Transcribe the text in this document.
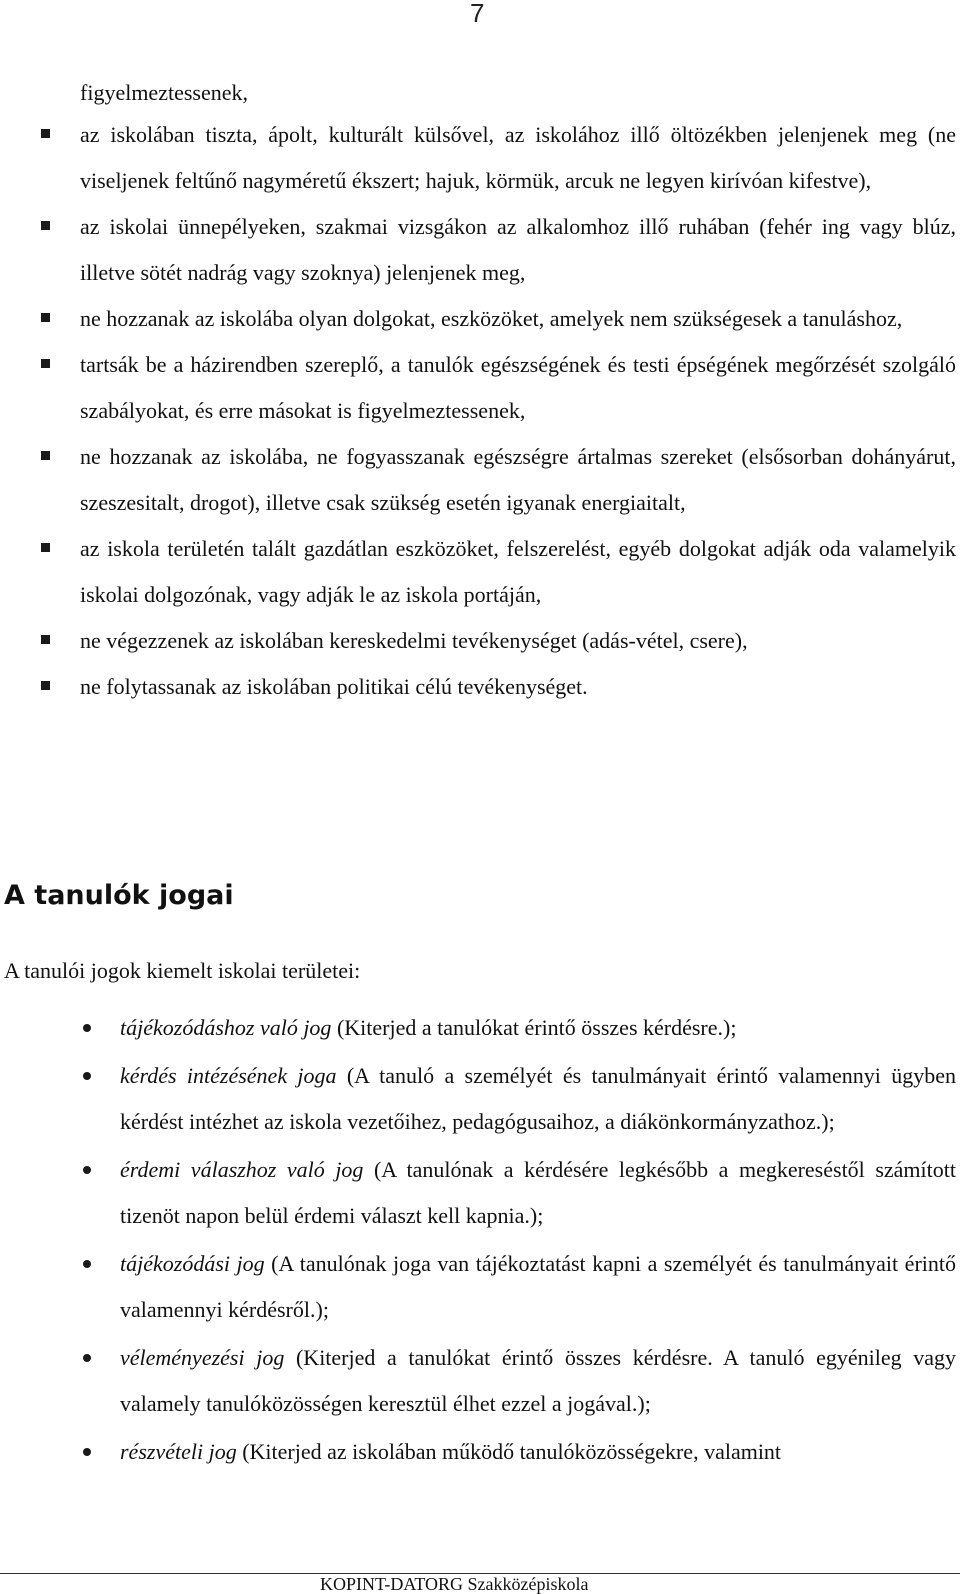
7
figyelmeztessenek,
az iskolában tiszta, ápolt, kulturált külsővel, az iskolához illő öltözékben jelenjenek meg (ne viseljenek feltűnő nagyméretű ékszert; hajuk, körmük, arcuk ne legyen kirívóan kifestve),
az iskolai ünnepélyeken, szakmai vizsgákon az alkalomhoz illő ruhában (fehér ing vagy blúz, illetve sötét nadrág vagy szoknya) jelenjenek meg,
ne hozzanak az iskolába olyan dolgokat, eszközöket, amelyek nem szükségesek a tanuláshoz,
tartsák be a házirendben szereplő, a tanulók egészségének és testi épségének megőrzését szolgáló szabályokat, és erre másokat is figyelmeztessenek,
ne hozzanak az iskolába, ne fogyasszanak egészségre ártalmas szereket (elsősorban dohányárut, szeszesitalt, drogot), illetve csak szükség esetén igyanak energiaitalt,
az iskola területén talált gazdátlan eszközöket, felszerelést, egyéb dolgokat adják oda valamelyik iskolai dolgozónak, vagy adják le az iskola portáján,
ne végezzenek az iskolában kereskedelmi tevékenységet (adás-vétel, csere),
ne folytassanak az iskolában politikai célú tevékenységet.
A tanulók jogai
A tanulói jogok kiemelt iskolai területei:
tájékozódáshoz való jog (Kiterjed a tanulókat érintő összes kérdésre.);
kérdés intézésének joga (A tanuló a személyét és tanulmányait érintő valamennyi ügyben kérdést intézhet az iskola vezetőihez, pedagógusaihoz, a diákönkormányzathoz.);
érdemi válaszhoz való jog (A tanulónak a kérdésére legkésőbb a megkereséstől számított tizenöt napon belül érdemi választ kell kapnia.);
tájékozódási jog (A tanulónak joga van tájékoztatást kapni a személyét és tanulmányait érintő valamennyi kérdésről.);
véleményezési jog (Kiterjed a tanulókat érintő összes kérdésre. A tanuló egyénileg vagy valamely tanulóközösségen keresztül élhet ezzel a jogával.);
részvételi jog (Kiterjed az iskolában működő tanulóközösségekre, valamint
KOPINT-DATORG Szakközépiskola
